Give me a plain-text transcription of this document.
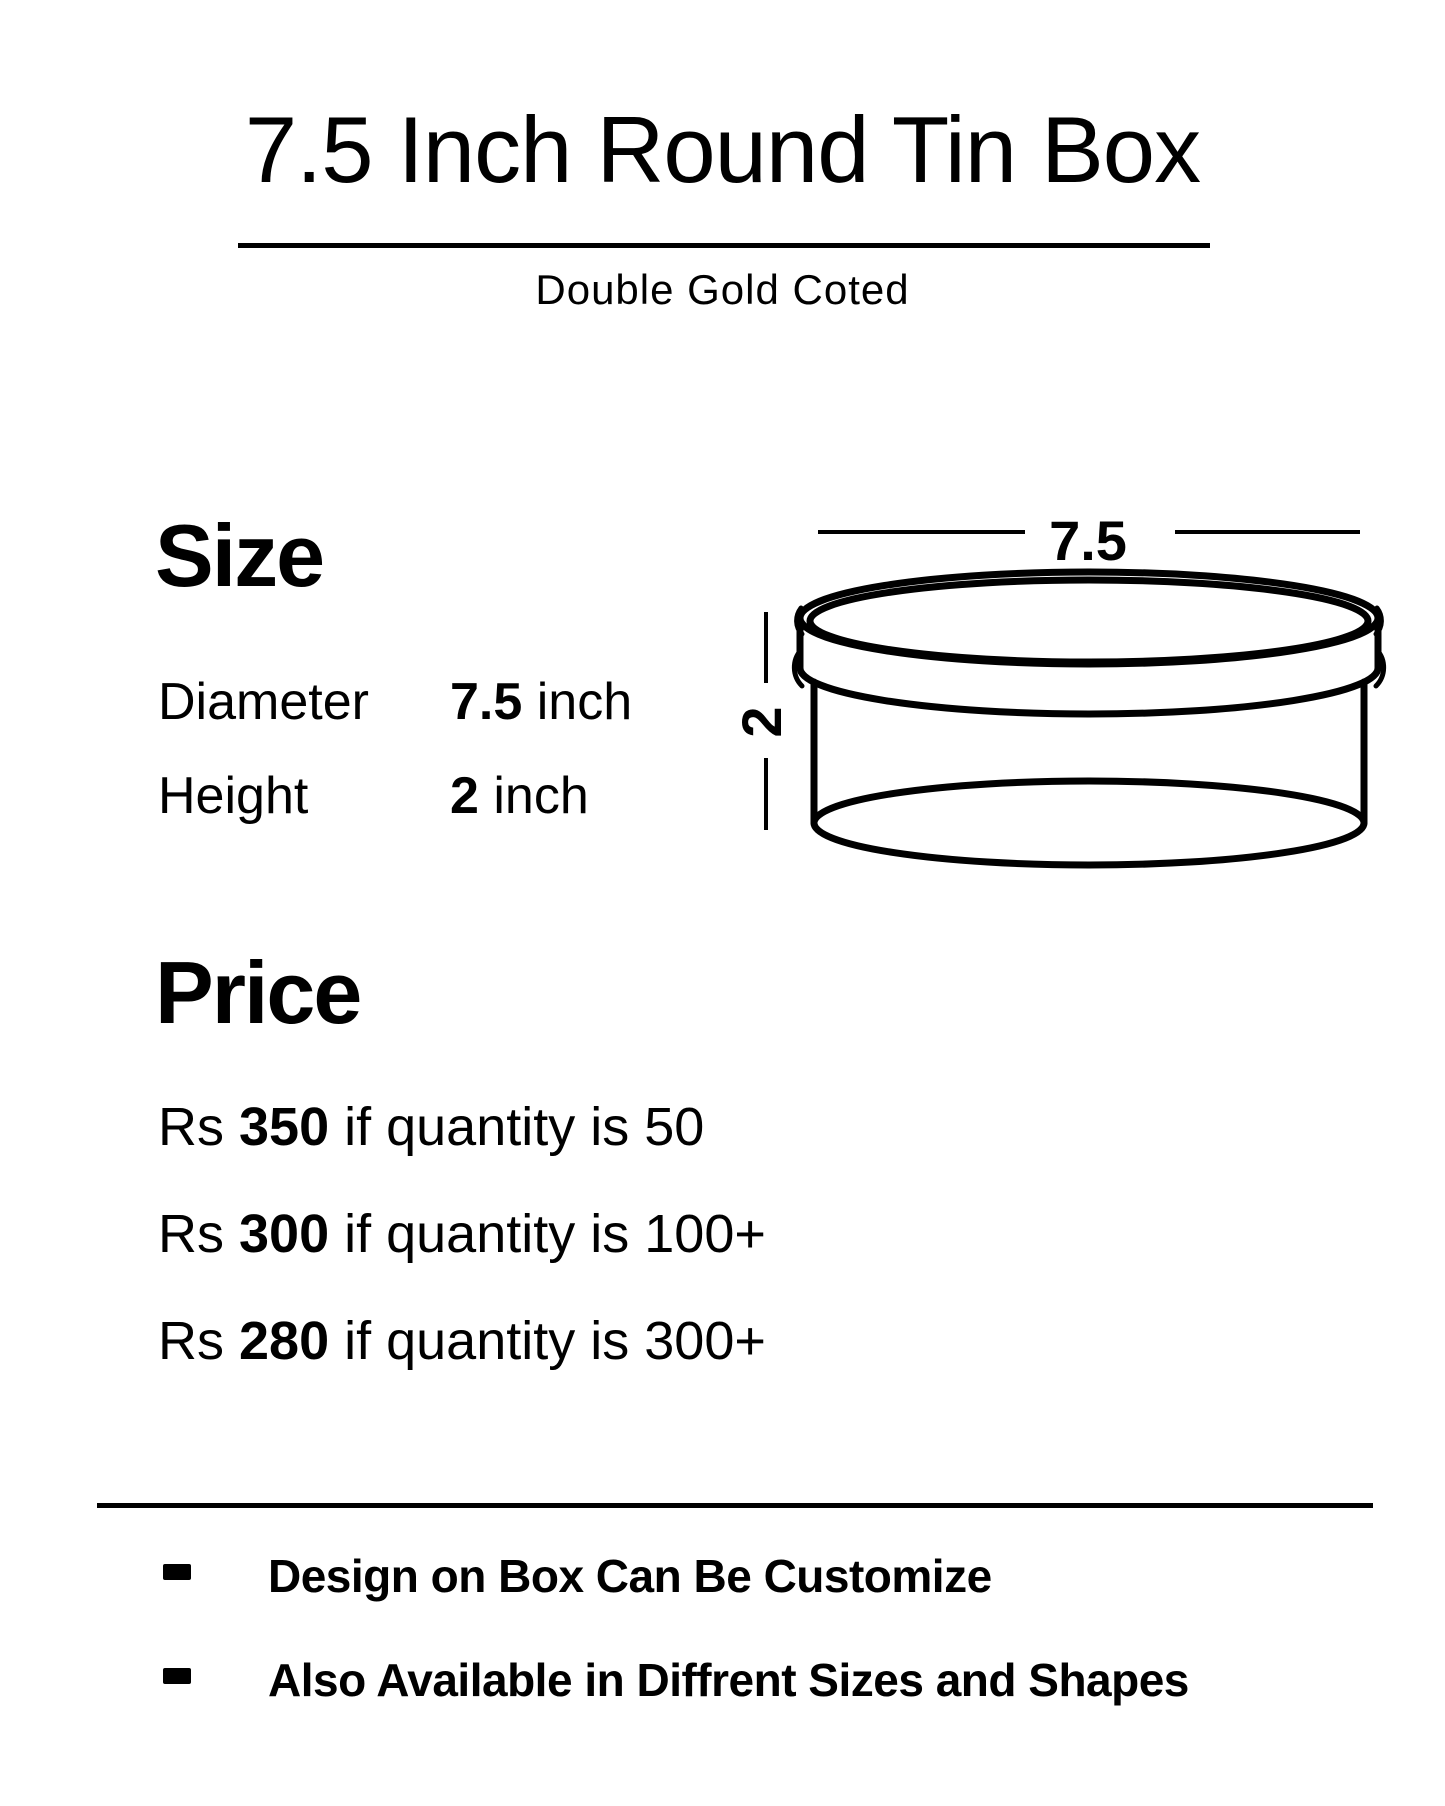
7.5 Inch Round Tin Box
Double Gold Coted
Size
Diameter 7.5 inch
Height	2 inch
7.5
2
Price
Rs 350 if quantity is 50
Rs 300 if quantity is 100+
Rs 280 if quantity is 300+
Design on Box Can Be Customize
Also Available in Diffrent Sizes and Shapes
